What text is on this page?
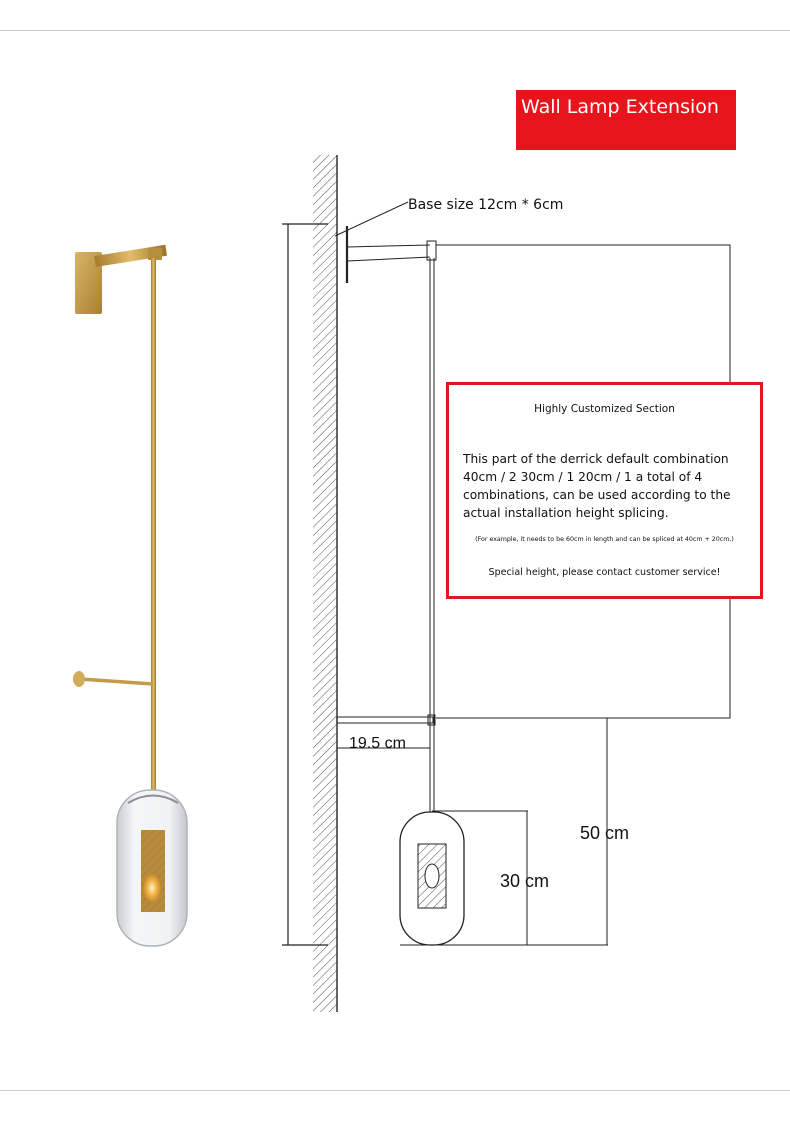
Base size 12cm * 6cm
19.5 cm
30 cm
50 cm
Wall Lamp Extension
Highly Customized Section
This part of the derrick default combination 40cm / 2 30cm / 1 20cm / 1 a total of 4 combinations, can be used according to the actual installation height splicing.
(For example, it needs to be 60cm in length and can be spliced at 40cm + 20cm.)
Special height, please contact customer service!
